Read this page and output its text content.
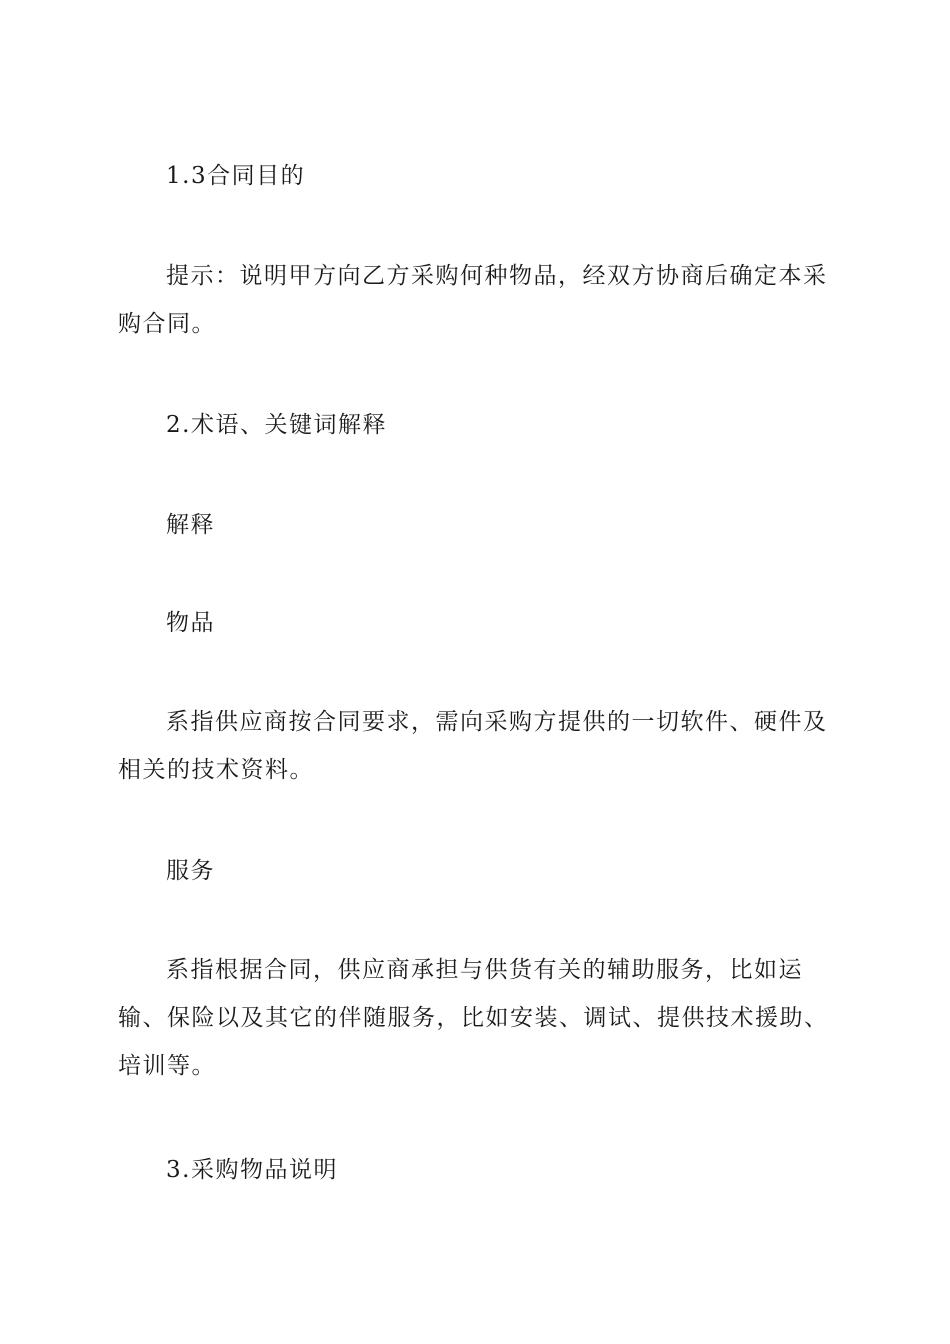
1.3合同目的

提示：说明甲方向乙方采购何种物品，经双方协商后确定本采购合同。

2.术语、关键词解释

解释

物品

系指供应商按合同要求，需向采购方提供的一切软件、硬件及相关的技术资料。

服务

系指根据合同，供应商承担与供货有关的辅助服务，比如运输、保险以及其它的伴随服务，比如安装、调试、提供技术援助、培训等。

3.采购物品说明
